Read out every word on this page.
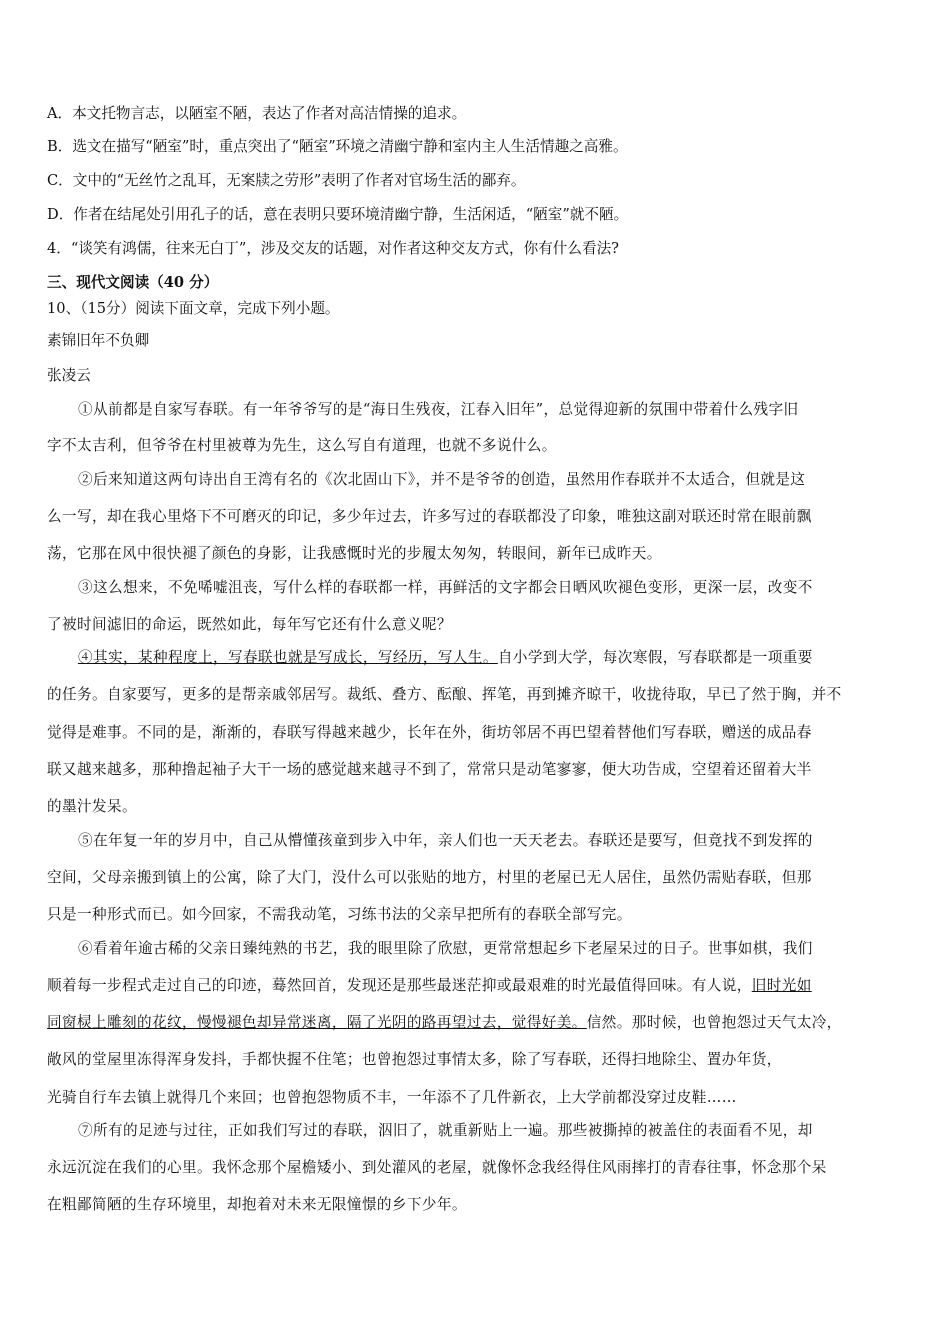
A．本文托物言志，以陋室不陋，表达了作者对高洁情操的追求。
B．选文在描写“陋室”时，重点突出了“陋室”环境之清幽宁静和室内主人生活情趣之高雅。
C．文中的“无丝竹之乱耳，无案牍之劳形”表明了作者对官场生活的鄙弃。
D．作者在结尾处引用孔子的话，意在表明只要环境清幽宁静，生活闲适，“陋室”就不陋。
4．“谈笑有鸿儒，往来无白丁”，涉及交友的话题，对作者这种交友方式，你有什么看法?
三、现代文阅读（40 分）
10、（15分）阅读下面文章，完成下列小题。
素锦旧年不负卿
张凌云
①从前都是自家写春联。有一年爷爷写的是“海日生残夜，江春入旧年”，总觉得迎新的氛围中带着什么残字旧
字不太吉利，但爷爷在村里被尊为先生，这么写自有道理，也就不多说什么。
②后来知道这两句诗出自王湾有名的《次北固山下》，并不是爷爷的创造，虽然用作春联并不太适合，但就是这
么一写，却在我心里烙下不可磨灭的印记，多少年过去，许多写过的春联都没了印象，唯独这副对联还时常在眼前飘
荡，它那在风中很快褪了颜色的身影，让我感慨时光的步履太匆匆，转眼间，新年已成昨天。
③这么想来，不免唏嘘沮丧，写什么样的春联都一样，再鲜活的文字都会日晒风吹褪色变形，更深一层，改变不
了被时间滤旧的命运，既然如此，每年写它还有什么意义呢？
④其实，某种程度上，写春联也就是写成长，写经历，写人生。自小学到大学，每次寒假，写春联都是一项重要
的任务。自家要写，更多的是帮亲戚邻居写。裁纸、叠方、酝酿、挥笔，再到摊齐晾干，收拢待取，早已了然于胸，并不
觉得是难事。不同的是，渐渐的，春联写得越来越少，长年在外，街坊邻居不再巴望着替他们写春联，赠送的成品春
联又越来越多，那种撸起袖子大干一场的感觉越来越寻不到了，常常只是动笔寥寥，便大功告成，空望着还留着大半
的墨汁发呆。
⑤在年复一年的岁月中，自己从懵懂孩童到步入中年，亲人们也一天天老去。春联还是要写，但竟找不到发挥的
空间，父母亲搬到镇上的公寓，除了大门，没什么可以张贴的地方，村里的老屋已无人居住，虽然仍需贴春联，但那
只是一种形式而已。如今回家，不需我动笔，习练书法的父亲早把所有的春联全部写完。
⑥看着年逾古稀的父亲日臻纯熟的书艺，我的眼里除了欣慰，更常常想起乡下老屋呆过的日子。世事如棋，我们
顺着每一步程式走过自己的印迹，蓦然回首，发现还是那些最迷茫抑或最艰难的时光最值得回味。有人说，旧时光如
同窗棂上雕刻的花纹，慢慢褪色却异常迷离，隔了光阴的路再望过去，觉得好美。信然。那时候，也曾抱怨过天气太冷，
敞风的堂屋里冻得浑身发抖，手都快握不住笔；也曾抱怨过事情太多，除了写春联，还得扫地除尘、置办年货，
光骑自行车去镇上就得几个来回；也曾抱怨物质不丰，一年添不了几件新衣，上大学前都没穿过皮鞋……
⑦所有的足迹与过往，正如我们写过的春联，泅旧了，就重新贴上一遍。那些被撕掉的被盖住的表面看不见，却
永远沉淀在我们的心里。我怀念那个屋檐矮小、到处灌风的老屋，就像怀念我经得住风雨摔打的青春往事，怀念那个呆
在粗鄙简陋的生存环境里，却抱着对未来无限憧憬的乡下少年。
